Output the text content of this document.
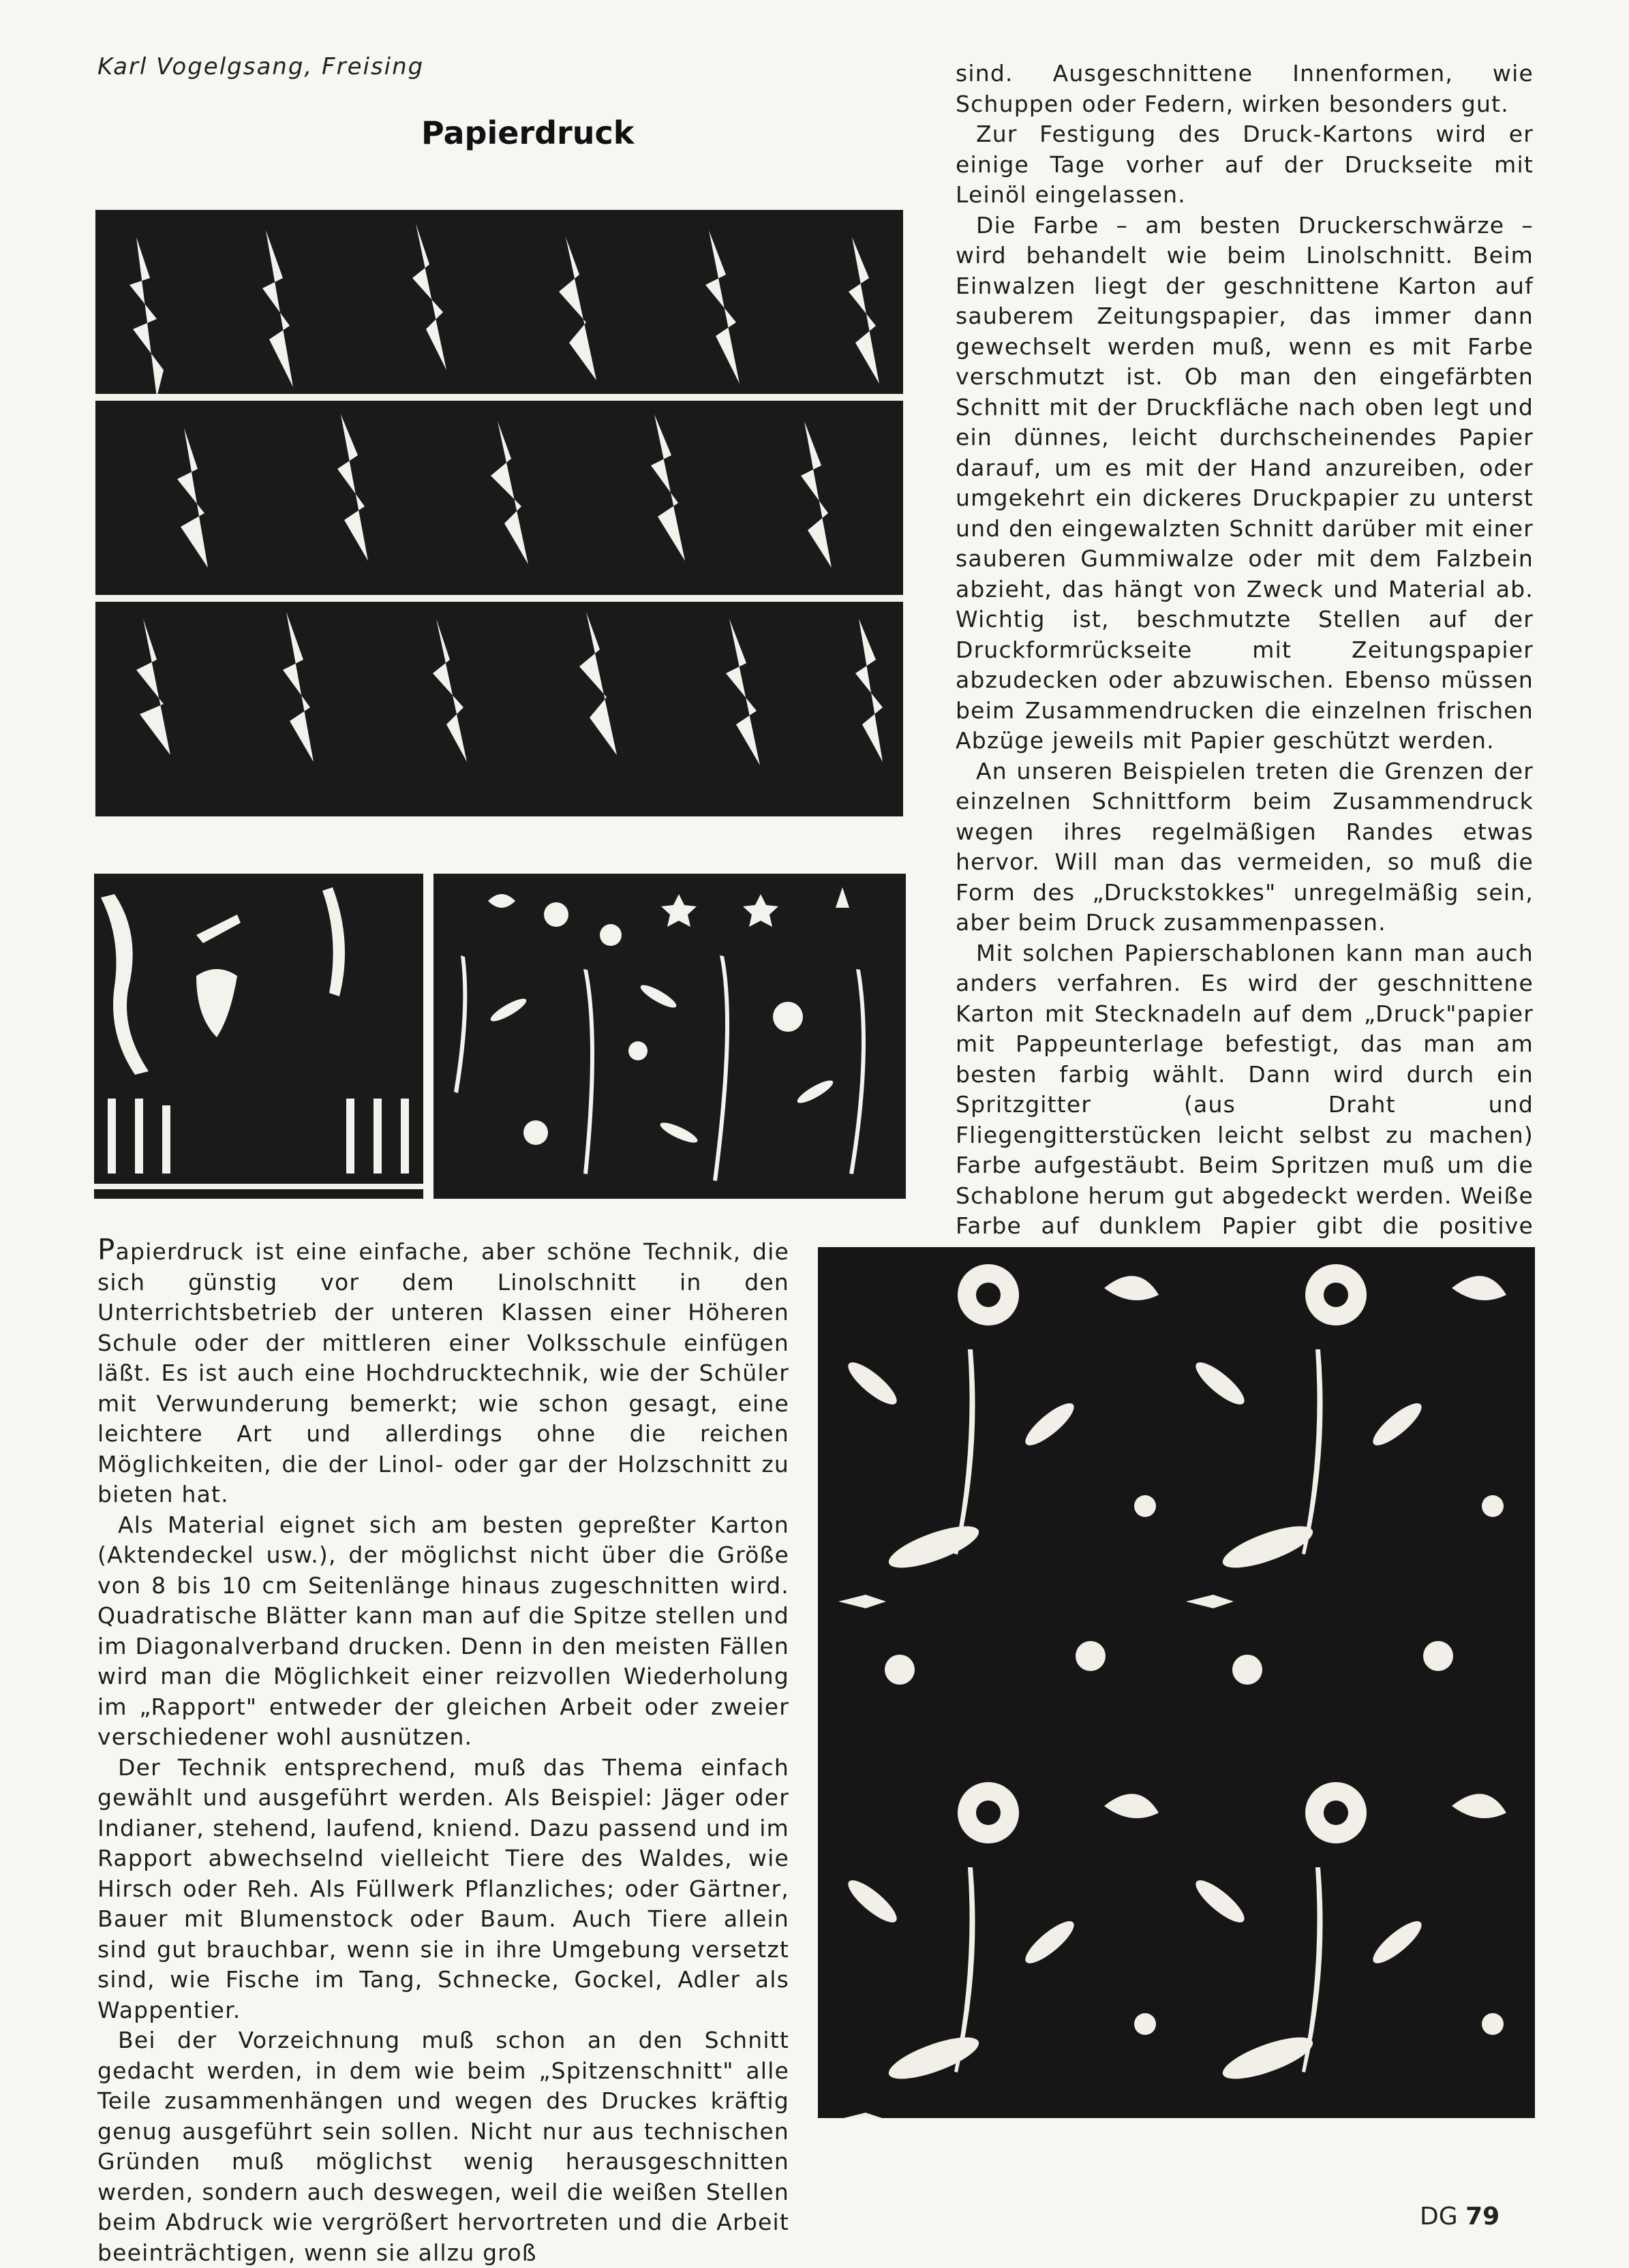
Karl Vogelgsang, Freising
Papierdruck

sind. Ausgeschnittene Innenformen, wie Schuppen oder Federn, wirken besonders gut.

Zur Festigung des Druck-Kartons wird er einige Tage vorher auf der Druckseite mit Leinöl eingelassen.

Die Farbe – am besten Druckerschwärze – wird behandelt wie beim Linolschnitt. Beim Einwalzen liegt der geschnittene Karton auf sauberem Zeitungspapier, das immer dann gewechselt werden muß, wenn es mit Farbe verschmutzt ist. Ob man den eingefärbten Schnitt mit der Druckfläche nach oben legt und ein dünnes, leicht durchscheinendes Papier darauf, um es mit der Hand anzureiben, oder umgekehrt ein dickeres Druckpapier zu unterst und den eingewalzten Schnitt darüber mit einer sauberen Gummiwalze oder mit dem Falzbein abzieht, das hängt von Zweck und Material ab. Wichtig ist, beschmutzte Stellen auf der Druckformrückseite mit Zeitungspapier abzudecken oder abzuwischen. Ebenso müssen beim Zusammendrucken die einzelnen frischen Abzüge jeweils mit Papier geschützt werden.

An unseren Beispielen treten die Grenzen der einzelnen Schnittform beim Zusammendruck wegen ihres regelmäßigen Randes etwas hervor. Will man das vermeiden, so muß die Form des „Druckstokkes" unregelmäßig sein, aber beim Druck zusammenpassen.

Mit solchen Papierschablonen kann man auch anders verfahren. Es wird der geschnittene Karton mit Stecknadeln auf dem „Druck"papier mit Pappeunterlage befestigt, das man am besten farbig wählt. Dann wird durch ein Spritzgitter (aus Draht und Fliegengitterstücken leicht selbst zu machen) Farbe aufgestäubt. Beim Spritzen muß um die Schablone herum gut abgedeckt werden. Weiße Farbe auf dunklem Papier gibt die positive

Papierdruck ist eine einfache, aber schöne Technik, die sich günstig vor dem Linolschnitt in den Unterrichtsbetrieb der unteren Klassen einer Höheren Schule oder der mittleren einer Volksschule einfügen läßt. Es ist auch eine Hochdrucktechnik, wie der Schüler mit Verwunderung bemerkt; wie schon gesagt, eine leichtere Art und allerdings ohne die reichen Möglichkeiten, die der Linol- oder gar der Holzschnitt zu bieten hat.

Als Material eignet sich am besten gepreßter Karton (Aktendeckel usw.), der möglichst nicht über die Größe von 8 bis 10 cm Seitenlänge hinaus zugeschnitten wird. Quadratische Blätter kann man auf die Spitze stellen und im Diagonalverband drucken. Denn in den meisten Fällen wird man die Möglichkeit einer reizvollen Wiederholung im „Rapport" entweder der gleichen Arbeit oder zweier verschiedener wohl ausnützen.

Der Technik entsprechend, muß das Thema einfach gewählt und ausgeführt werden. Als Beispiel: Jäger oder Indianer, stehend, laufend, kniend. Dazu passend und im Rapport abwechselnd vielleicht Tiere des Waldes, wie Hirsch oder Reh. Als Füllwerk Pflanzliches; oder Gärtner, Bauer mit Blumenstock oder Baum. Auch Tiere allein sind gut brauchbar, wenn sie in ihre Umgebung versetzt sind, wie Fische im Tang, Schnecke, Gockel, Adler als Wappentier.

Bei der Vorzeichnung muß schon an den Schnitt gedacht werden, in dem wie beim „Spitzenschnitt" alle Teile zusammenhängen und wegen des Druckes kräftig genug ausgeführt sein sollen. Nicht nur aus technischen Gründen muß möglichst wenig herausgeschnitten werden, sondern auch deswegen, weil die weißen Stellen beim Abdruck wie vergrößert hervortreten und die Arbeit beeinträchtigen, wenn sie allzu groß

DG 79
